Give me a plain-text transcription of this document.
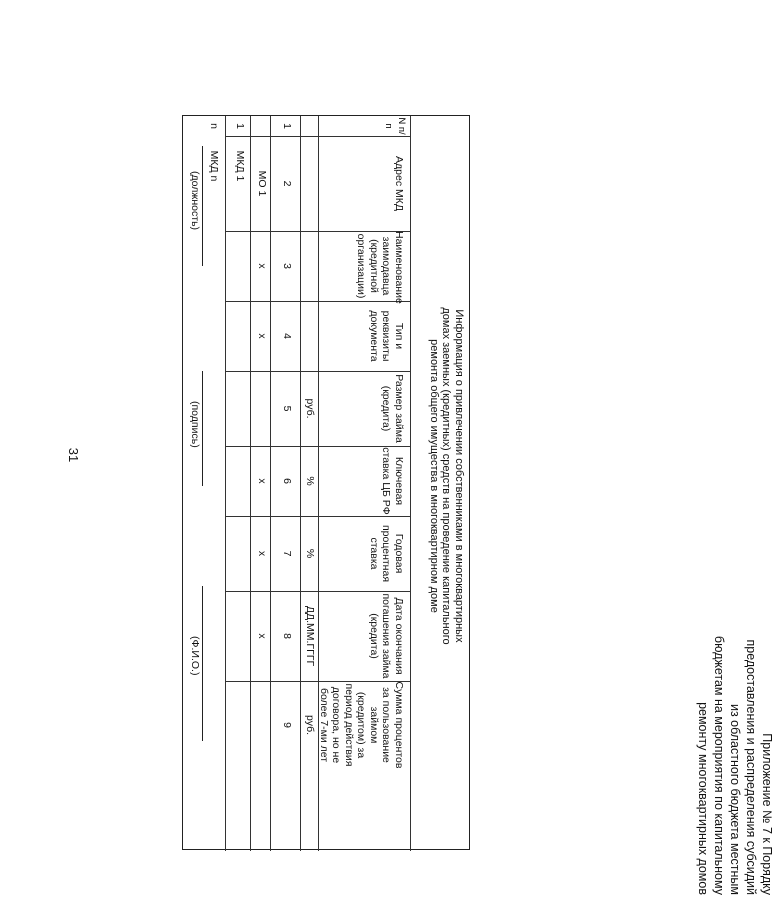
31
Приложение № 7 к Порядку
предоставления и распределения субсидий
из областного бюджета местным
бюджетам на мероприятия по капитальному
ремонту многоквартирных домов
Информация о привлечении собственниками в многоквартирных домах заемных (кредитных) средств на проведение капитального ремонта общего имущества в многоквартирном доме
N п/п
Адрес МКД
Наименование заимодавца (кредитной организации)
Тип и реквизиты документа
Размер займа (кредита)
Ключевая ставка ЦБ РФ
Годовая процентная ставка
Дата окончания погашения займа (кредита)
Сумма процентов за пользование займом (кредитом) за период действия договора, но не более 7-ми лет
руб.
%
%
ДД.ММ.ГГГГ
руб.
1
2
3
4
5
6
7
8
9
МО 1
х
х
х
х
х
1
МКД 1
n
МКД n
(должность)
(подпись)
(Ф.И.О.)
